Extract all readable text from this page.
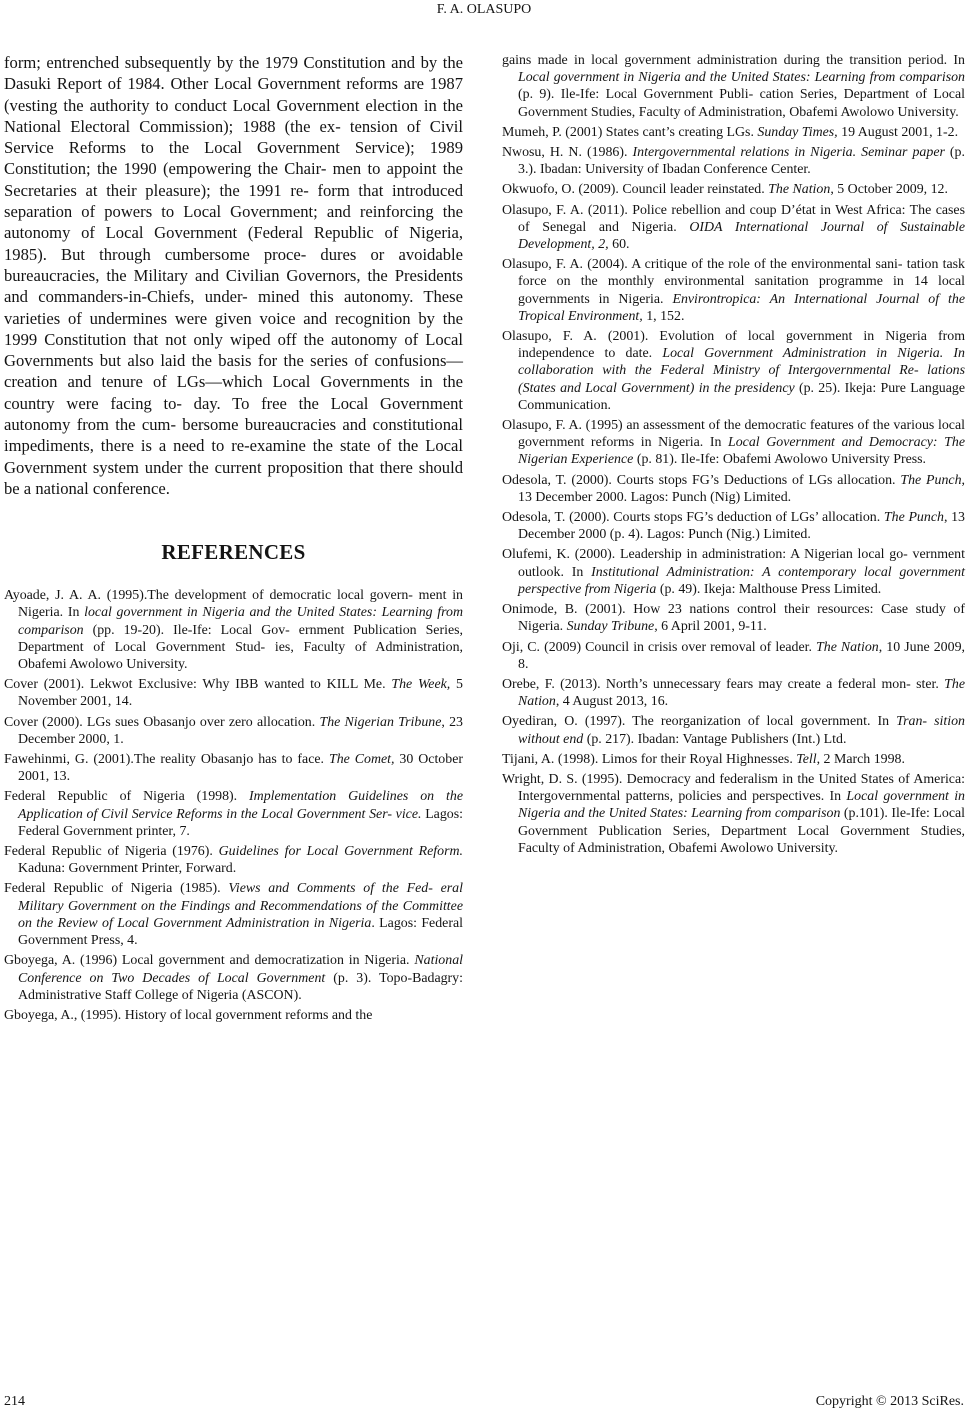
F. A. OLASUPO

form; entrenched subsequently by the 1979 Constitution and by the Dasuki Report of 1984. Other Local Government reforms are 1987 (vesting the authority to conduct Local Government election in the National Electoral Commission); 1988 (the ex- tension of Civil Service Reforms to the Local Government Service); 1989 Constitution; the 1990 (empowering the Chair- men to appoint the Secretaries at their pleasure); the 1991 re- form that introduced separation of powers to Local Government; and reinforcing the autonomy of Local Government (Federal Republic of Nigeria, 1985). But through cumbersome proce- dures or avoidable bureaucracies, the Military and Civilian Governors, the Presidents and commanders-in-Chiefs, under- mined this autonomy. These varieties of undermines were given voice and recognition by the 1999 Constitution that not only wiped off the autonomy of Local Governments but also laid the basis for the series of confusions—creation and tenure of LGs—which Local Governments in the country were facing to- day. To free the Local Government autonomy from the cum- bersome bureaucracies and constitutional impediments, there is a need to re-examine the state of the Local Government system under the current proposition that there should be a national conference.

REFERENCES

Ayoade, J. A. A. (1995).The development of democratic local govern- ment in Nigeria. In local government in Nigeria and the United States: Learning from comparison (pp. 19-20). Ile-Ife: Local Gov- ernment Publication Series, Department of Local Government Stud- ies, Faculty of Administration, Obafemi Awolowo University.

Cover (2001). Lekwot Exclusive: Why IBB wanted to KILL Me. The Week, 5 November 2001, 14.

Cover (2000). LGs sues Obasanjo over zero allocation. The Nigerian Tribune, 23 December 2000, 1.

Fawehinmi, G. (2001).The reality Obasanjo has to face. The Comet, 30 October 2001, 13.

Federal Republic of Nigeria (1998). Implementation Guidelines on the Application of Civil Service Reforms in the Local Government Ser- vice. Lagos: Federal Government printer, 7.

Federal Republic of Nigeria (1976). Guidelines for Local Government Reform. Kaduna: Government Printer, Forward.

Federal Republic of Nigeria (1985). Views and Comments of the Fed- eral Military Government on the Findings and Recommendations of the Committee on the Review of Local Government Administration in Nigeria. Lagos: Federal Government Press, 4.

Gboyega, A. (1996) Local government and democratization in Nigeria. National Conference on Two Decades of Local Government (p. 3). Topo-Badagry: Administrative Staff College of Nigeria (ASCON).

Gboyega, A., (1995). History of local government reforms and the

gains made in local government administration during the transition period. In Local government in Nigeria and the United States: Learning from comparison (p. 9). Ile-Ife: Local Government Publi- cation Series, Department of Local Government Studies, Faculty of Administration, Obafemi Awolowo University.

Mumeh, P. (2001) States cant’s creating LGs. Sunday Times, 19 August 2001, 1-2.

Nwosu, H. N. (1986). Intergovernmental relations in Nigeria. Seminar paper (p. 3.). Ibadan: University of Ibadan Conference Center.

Okwuofo, O. (2009). Council leader reinstated. The Nation, 5 October 2009, 12.

Olasupo, F. A. (2011). Police rebellion and coup D’état in West Africa: The cases of Senegal and Nigeria. OIDA International Journal of Sustainable Development, 2, 60.

Olasupo, F. A. (2004). A critique of the role of the environmental sani- tation task force on the monthly environmental sanitation programme in 14 local governments in Nigeria. Environtropica: An International Journal of the Tropical Environment, 1, 152.

Olasupo, F. A. (2001). Evolution of local government in Nigeria from independence to date. Local Government Administration in Nigeria. In collaboration with the Federal Ministry of Intergovernmental Re- lations (States and Local Government) in the presidency (p. 25). Ikeja: Pure Language Communication.

Olasupo, F. A. (1995) an assessment of the democratic features of the various local government reforms in Nigeria. In Local Government and Democracy: The Nigerian Experience (p. 81). Ile-Ife: Obafemi Awolowo University Press.

Odesola, T. (2000). Courts stops FG’s Deductions of LGs allocation. The Punch, 13 December 2000. Lagos: Punch (Nig) Limited.

Odesola, T. (2000). Courts stops FG’s deduction of LGs’ allocation. The Punch, 13 December 2000 (p. 4). Lagos: Punch (Nig.) Limited.

Olufemi, K. (2000). Leadership in administration: A Nigerian local go- vernment outlook. In Institutional Administration: A contemporary local government perspective from Nigeria (p. 49). Ikeja: Malthouse Press Limited.

Onimode, B. (2001). How 23 nations control their resources: Case study of Nigeria. Sunday Tribune, 6 April 2001, 9-11.

Oji, C. (2009) Council in crisis over removal of leader. The Nation, 10 June 2009, 8.

Orebe, F. (2013). North’s unnecessary fears may create a federal mon- ster. The Nation, 4 August 2013, 16.

Oyediran, O. (1997). The reorganization of local government. In Tran- sition without end (p. 217). Ibadan: Vantage Publishers (Int.) Ltd.

Tijani, A. (1998). Limos for their Royal Highnesses. Tell, 2 March 1998.

Wright, D. S. (1995). Democracy and federalism in the United States of America: Intergovernmental patterns, policies and perspectives. In Local government in Nigeria and the United States: Learning from comparison (p.101). Ile-Ife: Local Government Publication Series, Department Local Government Studies, Faculty of Administration, Obafemi Awolowo University.

214	Copyright © 2013 SciRes.
